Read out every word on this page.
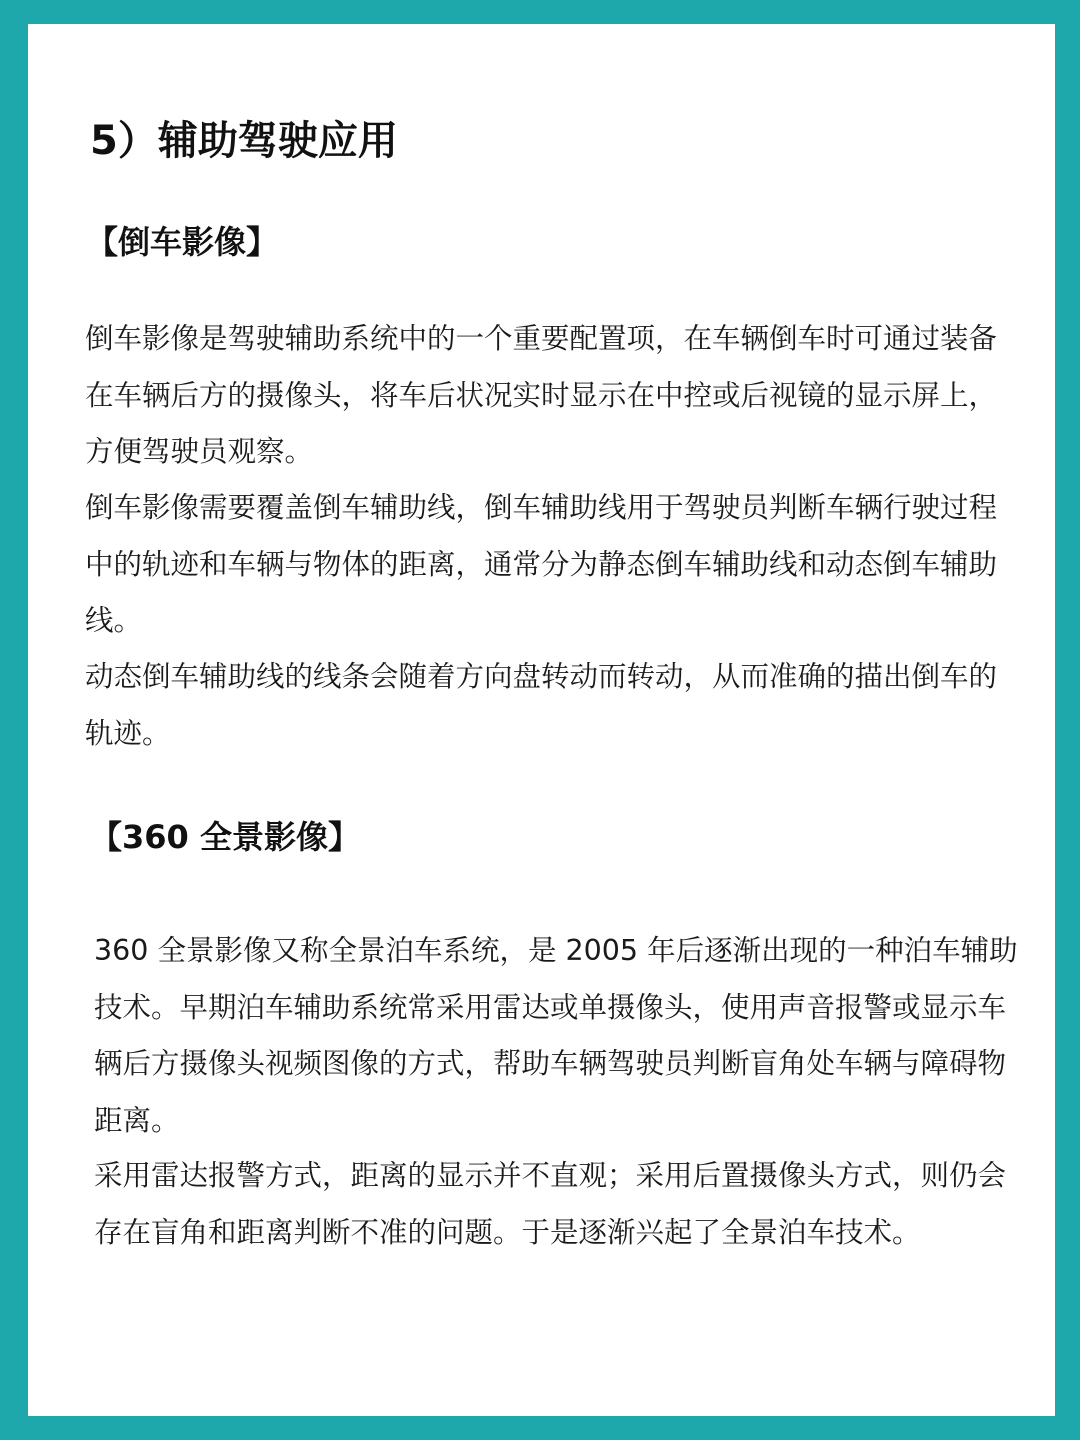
5）辅助驾驶应用
【倒车影像】

倒车影像是驾驶辅助系统中的一个重要配置项，在车辆倒车时可通过装备在车辆后方的摄像头，将车后状况实时显示在中控或后视镜的显示屏上，方便驾驶员观察。

倒车影像需要覆盖倒车辅助线，倒车辅助线用于驾驶员判断车辆行驶过程中的轨迹和车辆与物体的距离，通常分为静态倒车辅助线和动态倒车辅助线。

动态倒车辅助线的线条会随着方向盘转动而转动，从而准确的描出倒车的轨迹。

【360 全景影像】

360 全景影像又称全景泊车系统，是 2005 年后逐渐出现的一种泊车辅助技术。早期泊车辅助系统常采用雷达或单摄像头，使用声音报警或显示车辆后方摄像头视频图像的方式，帮助车辆驾驶员判断盲角处车辆与障碍物距离。

采用雷达报警方式，距离的显示并不直观；采用后置摄像头方式，则仍会存在盲角和距离判断不准的问题。于是逐渐兴起了全景泊车技术。
